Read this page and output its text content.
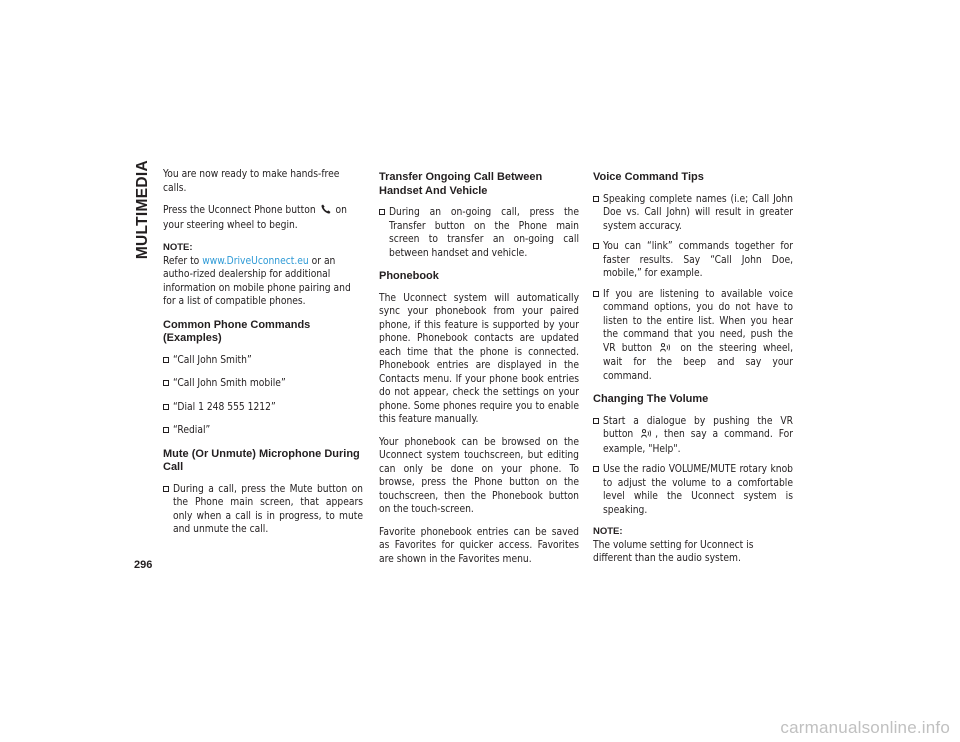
MULTIMEDIA
296

You are now ready to make hands-free calls.

Press the Uconnect Phone button on your steering wheel to begin.

NOTE:
Refer to www.DriveUconnect.eu or an autho-rized dealership for additional information on mobile phone pairing and for a list of compatible phones.

Common Phone Commands (Examples)
“Call John Smith”
“Call John Smith mobile”
“Dial 1 248 555 1212”
“Redial”
Mute (Or Unmute) Microphone During Call
During a call, press the Mute button on the Phone main screen, that appears only when a call is in progress, to mute and unmute the call.
Transfer Ongoing Call Between Handset And Vehicle
During an on-going call, press the Transfer button on the Phone main screen to transfer an on-going call between handset and vehicle.
Phonebook

The Uconnect system will automatically sync your phonebook from your paired phone, if this feature is supported by your phone. Phonebook contacts are updated each time that the phone is connected. Phonebook entries are displayed in the Contacts menu. If your phone book entries do not appear, check the settings on your phone. Some phones require you to enable this feature manually.

Your phonebook can be browsed on the Uconnect system touchscreen, but editing can only be done on your phone. To browse, press the Phone button on the touchscreen, then the Phonebook button on the touch-screen.

Favorite phonebook entries can be saved as Favorites for quicker access. Favorites are shown in the Favorites menu.

Voice Command Tips
Speaking complete names (i.e; Call John Doe vs. Call John) will result in greater system accuracy.
You can “link” commands together for faster results. Say “Call John Doe, mobile,” for example.
If you are listening to available voice command options, you do not have to listen to the entire list. When you hear the command that you need, push the VR button	on the steering wheel, wait for the beep and say your command.
Changing The Volume
Start a dialogue by pushing the VR button , then say a command. For example, "Help".
Use the radio VOLUME/MUTE rotary knob to adjust the volume to a comfortable level while the Uconnect system is speaking.

NOTE:
The volume setting for Uconnect is different than the audio system.

carmanualsonline.info
